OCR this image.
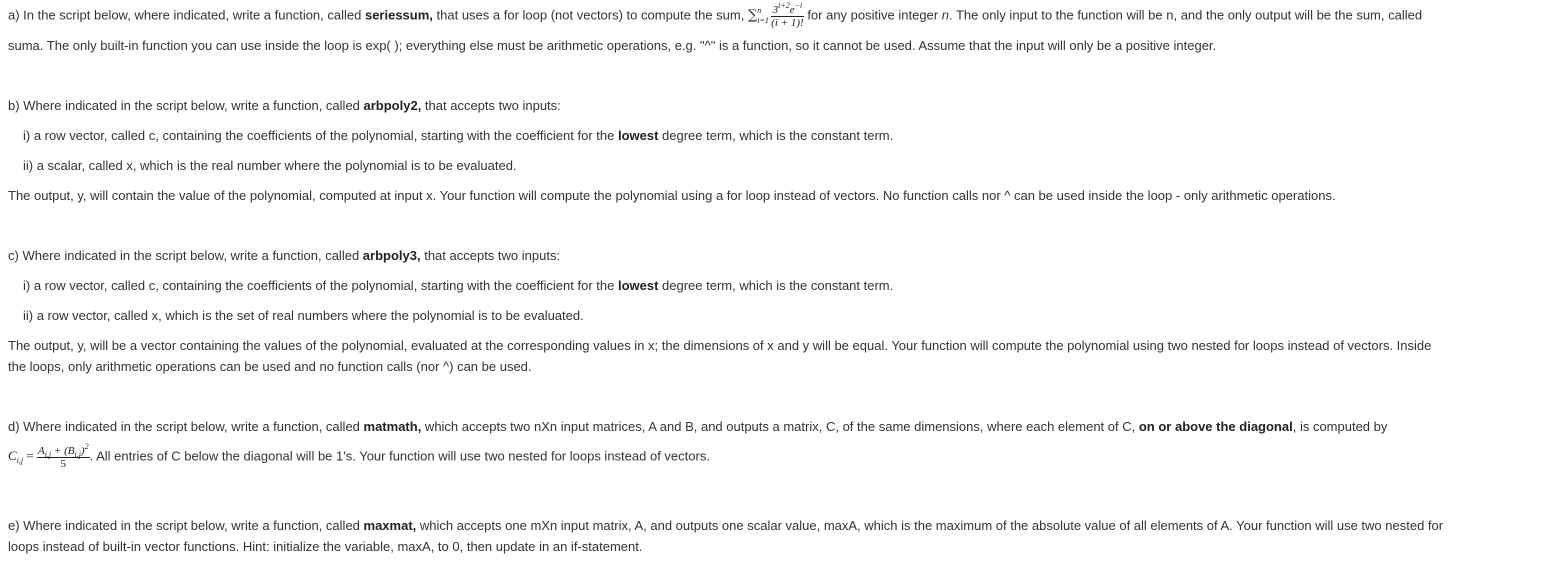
a) In the script below, where indicated, write a function, called seriessum, that uses a for loop (not vectors) to compute the sum, ∑ n
$i=1 \frac{3^{i+2}e^{-i}}{(i + 1)!}$ for any positive integer n. The only input to the function will be n, and the only output will be the sum, called
suma. The only built-in function you can use inside the loop is exp( ); everything else must be arithmetic operations, e.g. "^" is a function, so it cannot be used. Assume that the input will only be a positive integer.
b) Where indicated in the script below, write a function, called arbpoly2, that accepts two inputs:
i) a row vector, called c, containing the coefficients of the polynomial, starting with the coefficient for the lowest degree term, which is the constant term.
ii) a scalar, called x, which is the real number where the polynomial is to be evaluated.
The output, y, will contain the value of the polynomial, computed at input x. Your function will compute the polynomial using a for loop instead of vectors. No function calls nor ^ can be used inside the loop - only arithmetic operations.
c) Where indicated in the script below, write a function, called arbpoly3, that accepts two inputs:
i) a row vector, called c, containing the coefficients of the polynomial, starting with the coefficient for the lowest degree term, which is the constant term.
ii) a row vector, called x, which is the set of real numbers where the polynomial is to be evaluated.
The output, y, will be a vector containing the values of the polynomial, evaluated at the corresponding values in x; the dimensions of x and y will be equal. Your function will compute the polynomial using two nested for loops instead of vectors. Inside
the loops, only arithmetic operations can be used and no function calls (nor ^) can be used.
d) Where indicated in the script below, write a function, called matmath, which accepts two nXn input matrices, A and B, and outputs a matrix, C, of the same dimensions, where each element of C, on or above the diagonal, is computed by
$C_{i,j} = \frac{A_{i,j} + (B_{i,j})^2}{5}$ . All entries of C below the diagonal will be 1's. Your function will use two nested for loops instead of vectors.
e) Where indicated in the script below, write a function, called maxmat, which accepts one mXn input matrix, A, and outputs one scalar value, maxA, which is the maximum of the absolute value of all elements of A. Your function will use two nested for
loops instead of built-in vector functions. Hint: initialize the variable, maxA, to 0, then update in an if-statement.
